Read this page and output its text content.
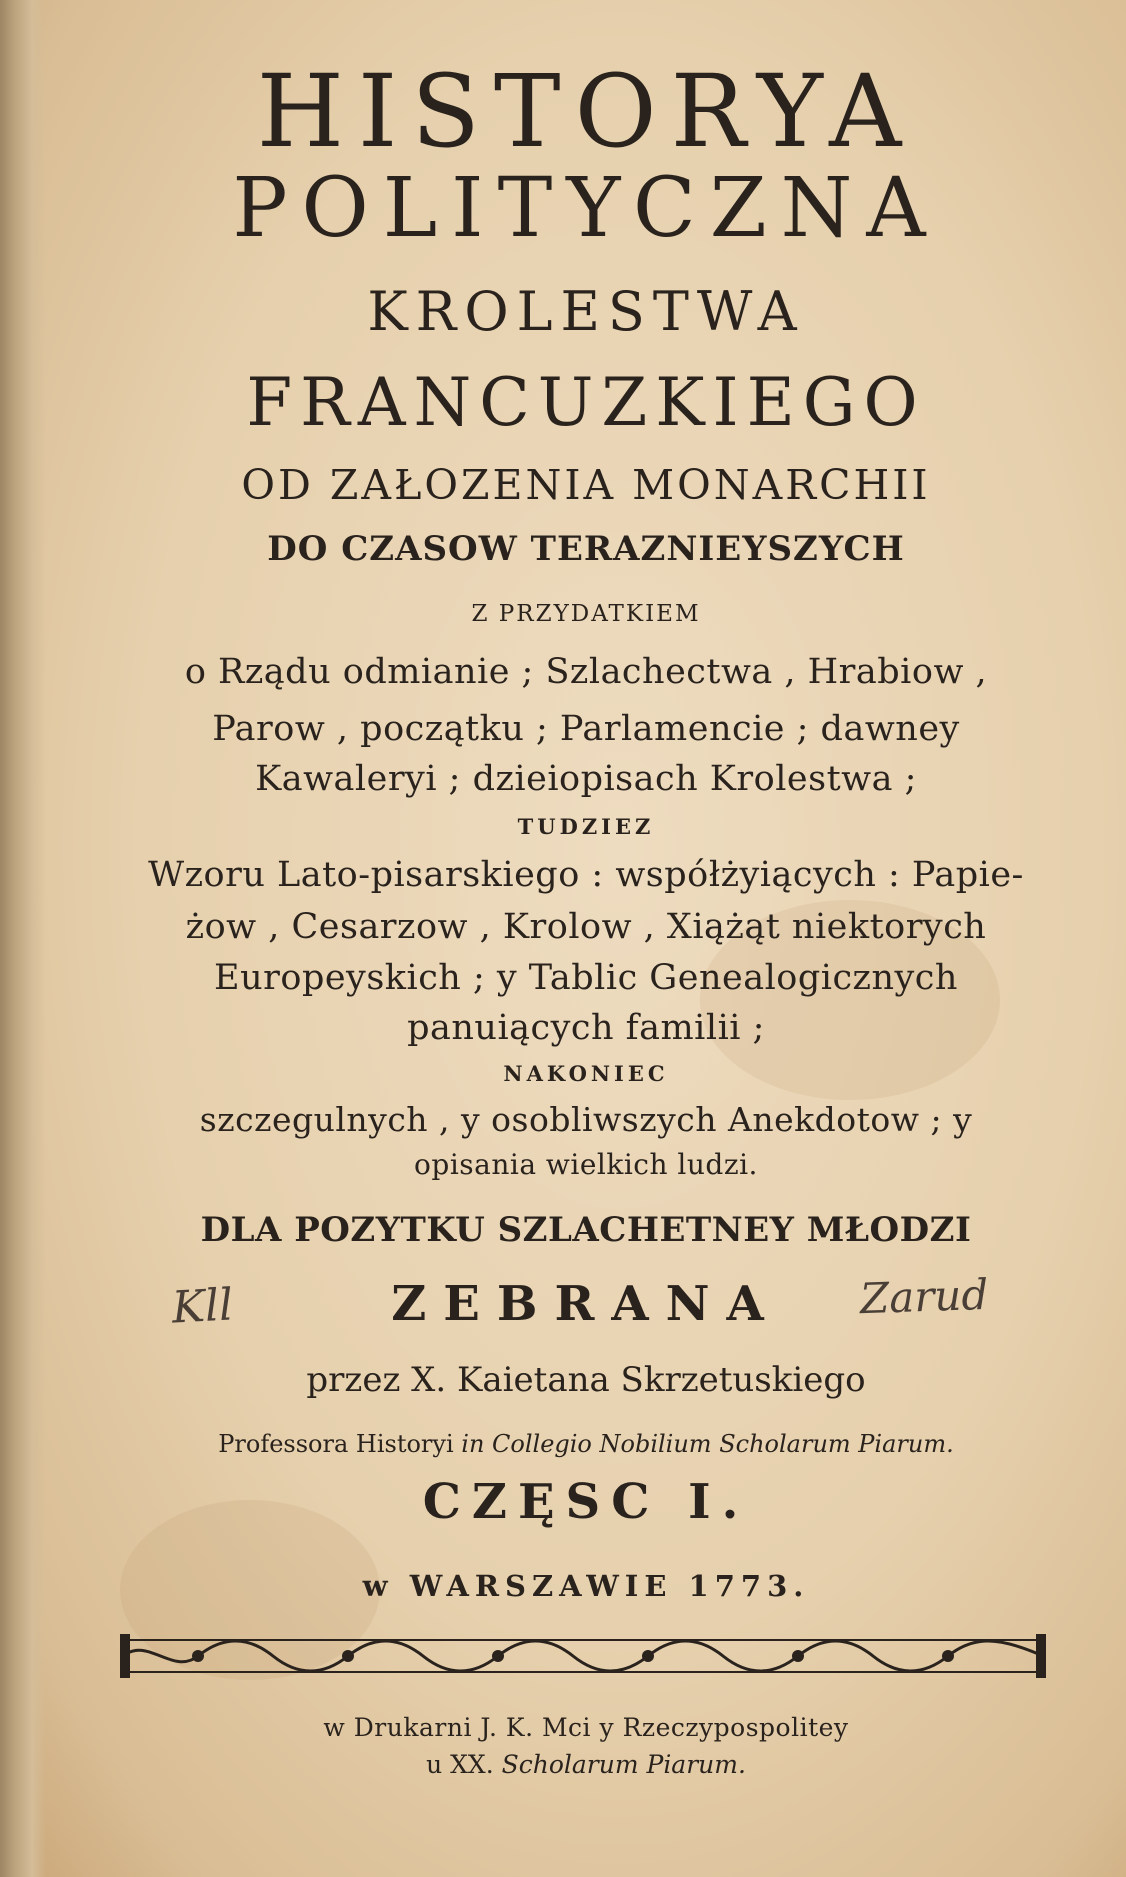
HISTORYA
POLITYCZNA
KROLESTWA
FRANCUZKIEGO
OD ZAŁOZENIA MONARCHII
DO CZASOW TERAZNIEYSZYCH
Z PRZYDATKIEM
o Rządu odmianie ; Szlachectwa , Hrabiow ,
Parow , początku ; Parlamencie ; dawney
Kawaleryi ; dzieiopisach Krolestwa ;
TUDZIEZ
Wzoru Lato-pisarskiego : współżyiących : Papie-
żow , Cesarzow , Krolow , Xiążąt niektorych
Europeyskich ; y Tablic Genealogicznych
panuiących familii ;
NAKONIEC
szczegulnych , y osobliwszych Anekdotow ; y
opisania wielkich ludzi.
DLA POZYTKU SZLACHETNEY MŁODZI
ZEBRANA
Kll	Zarud
przez X. Kaietana Skrzetuskiego
Professora Historyi in Collegio Nobilium Scholarum Piarum.
CZĘSC I.
w WARSZAWIE 1773.
w Drukarni J. K. Mci y Rzeczypospolitey
u XX. Scholarum Piarum.
